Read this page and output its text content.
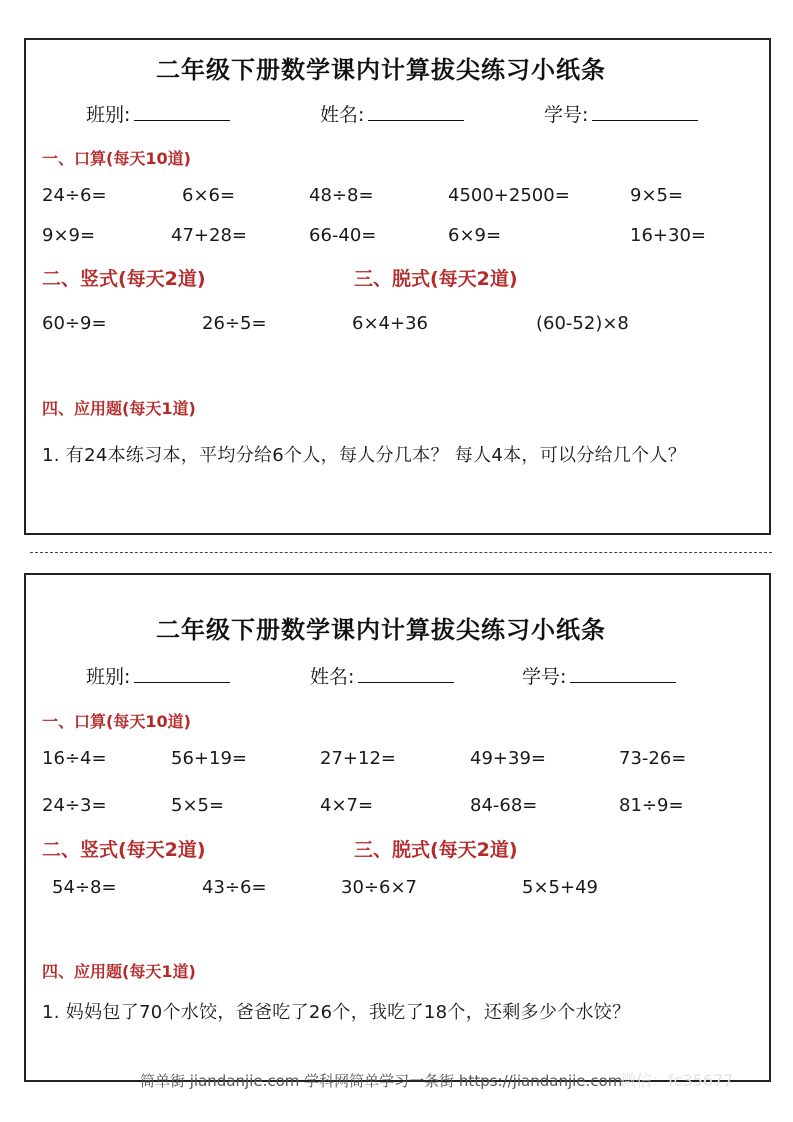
二年级下册数学课内计算拔尖练习小纸条
班别:	姓名:	学号:
一、口算(每天10道)
24÷6=	6×6=	48÷8=	4500+2500=	9×5=
9×9=	47+28=	66-40=	6×9=	16+30=
二、竖式(每天2道)	三、脱式(每天2道)
60÷9=	26÷5=	6×4+36	(60-52)×8
四、应用题(每天1道)
1. 有24本练习本，平均分给6个人，每人分几本？ 每人4本，可以分给几个人？
二年级下册数学课内计算拔尖练习小纸条
班别:	姓名:	学号:
一、口算(每天10道)
16÷4=	56+19=	27+12=	49+39=	73-26=
24÷3=	5×5=	4×7=	84-68=	81÷9=
二、竖式(每天2道)	三、脱式(每天2道)
54÷8=	43÷6=	30÷6×7	5×5+49
四、应用题(每天1道)
1. 妈妈包了70个水饺，爸爸吃了26个，我吃了18个，还剩多少个水饺？
微信：fc35677
简单街 jiandanjie.com 学科网简单学习一条街 https://jiandanjie.com
